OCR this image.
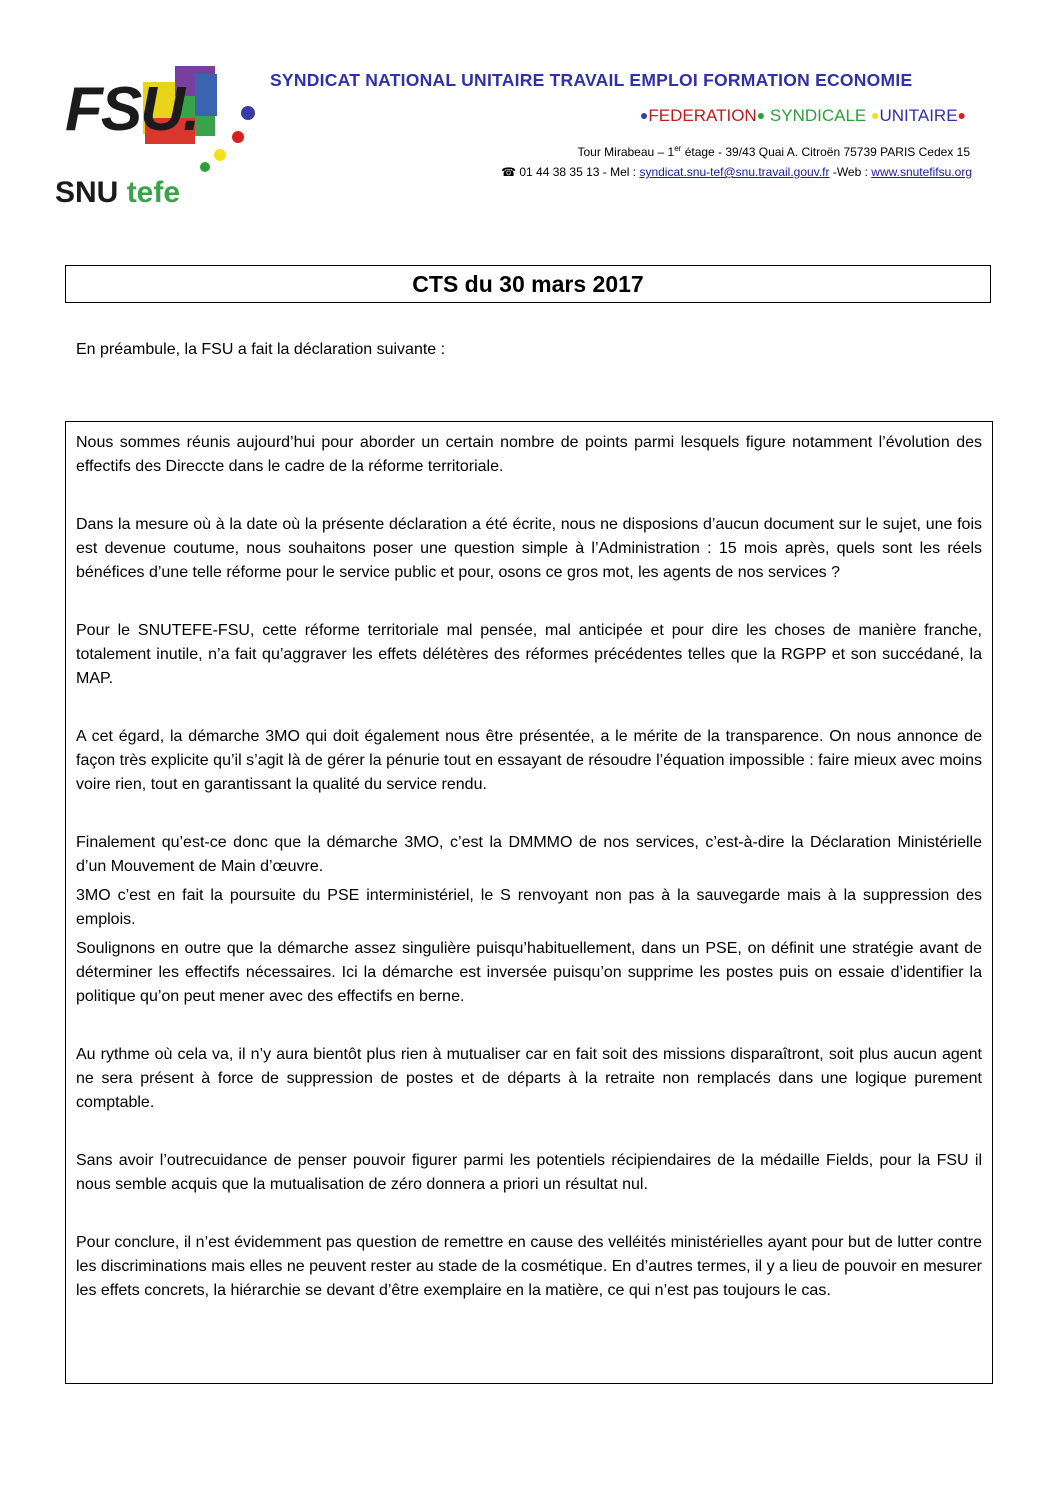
FSU.
SNU tefe
SYNDICAT NATIONAL UNITAIRE TRAVAIL EMPLOI FORMATION ECONOMIE
●FEDERATION● SYNDICALE ●UNITAIRE●
Tour Mirabeau – 1er étage - 39/43 Quai A. Citroën 75739 PARIS Cedex 15
☎ 01 44 38 35 13 - Mel : syndicat.snu-tef@snu.travail.gouv.fr -Web : www.snutefifsu.org
CTS du 30 mars 2017
En préambule, la FSU a fait la déclaration suivante :

Nous sommes réunis aujourd’hui pour aborder un certain nombre de points parmi lesquels figure notamment l’évolution des effectifs des Direccte dans le cadre de la réforme territoriale.

Dans la mesure où à la date où la présente déclaration a été écrite, nous ne disposions d’aucun document sur le sujet, une fois est devenue coutume, nous souhaitons poser une question simple à l’Administration : 15 mois après, quels sont les réels bénéfices d’une telle réforme pour le service public et pour, osons ce gros mot, les agents de nos services ?

Pour le SNUTEFE-FSU, cette réforme territoriale mal pensée, mal anticipée et pour dire les choses de manière franche, totalement inutile, n’a fait qu’aggraver les effets délétères des réformes précédentes telles que la RGPP et son succédané, la MAP.

A cet égard, la démarche 3MO qui doit également nous être présentée, a le mérite de la transparence. On nous annonce de façon très explicite qu’il s’agit là de gérer la pénurie tout en essayant de résoudre l’équation impossible : faire mieux avec moins voire rien, tout en garantissant la qualité du service rendu.

Finalement qu’est-ce donc que la démarche 3MO, c’est la DMMMO de nos services, c’est-à-dire la Déclaration Ministérielle d’un Mouvement de Main d’œuvre.

3MO c’est en fait la poursuite du PSE interministériel, le S renvoyant non pas à la sauvegarde mais à la suppression des emplois.

Soulignons en outre que la démarche assez singulière puisqu’habituellement, dans un PSE, on définit une stratégie avant de déterminer les effectifs nécessaires. Ici la démarche est inversée puisqu’on supprime les postes puis on essaie d’identifier la politique qu’on peut mener avec des effectifs en berne.

Au rythme où cela va, il n’y aura bientôt plus rien à mutualiser car en fait soit des missions disparaîtront, soit plus aucun agent ne sera présent à force de suppression de postes et de départs à la retraite non remplacés dans une logique purement comptable.

Sans avoir l’outrecuidance de penser pouvoir figurer parmi les potentiels récipiendaires de la médaille Fields, pour la FSU il nous semble acquis que la mutualisation de zéro donnera a priori un résultat nul.

Pour conclure, il n’est évidemment pas question de remettre en cause des velléités ministérielles ayant pour but de lutter contre les discriminations mais elles ne peuvent rester au stade de la cosmétique. En d’autres termes, il y a lieu de pouvoir en mesurer les effets concrets, la hiérarchie se devant d’être exemplaire en la matière, ce qui n’est pas toujours le cas.
